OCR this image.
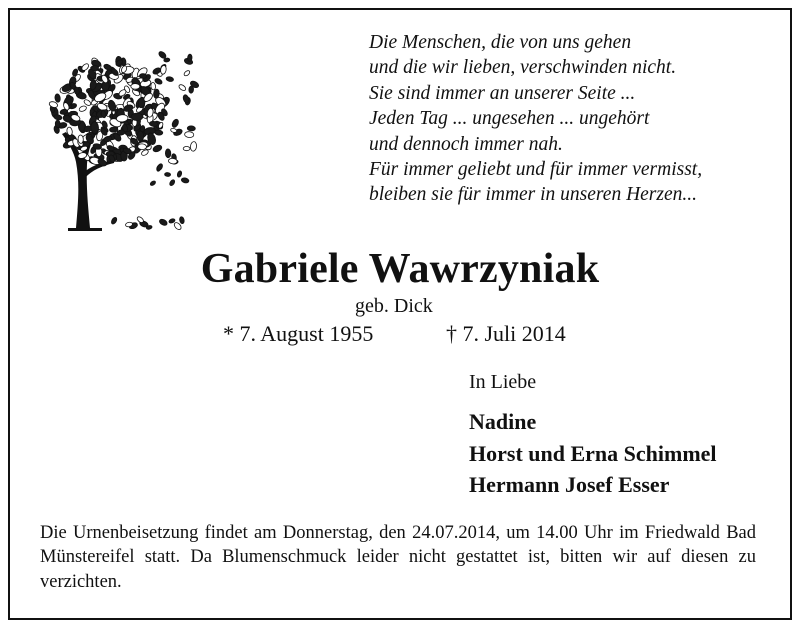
Die Menschen, die von uns gehen
und die wir lieben, verschwinden nicht.
Sie sind immer an unserer Seite ...
Jeden Tag ... ungesehen ... ungehört
und dennoch immer nah.
Für immer geliebt und für immer vermisst,
bleiben sie für immer in unseren Herzen...
Gabriele Wawrzyniak
geb. Dick
* 7. August 1955	† 7. Juli 2014
In Liebe
Nadine
Horst und Erna Schimmel
Hermann Josef Esser

Die Urnenbeisetzung findet am Donnerstag, den 24.07.2014, um 14.00 Uhr im Friedwald Bad Münstereifel statt. Da Blumenschmuck leider nicht gestattet ist, bitten wir auf diesen zu verzichten.
